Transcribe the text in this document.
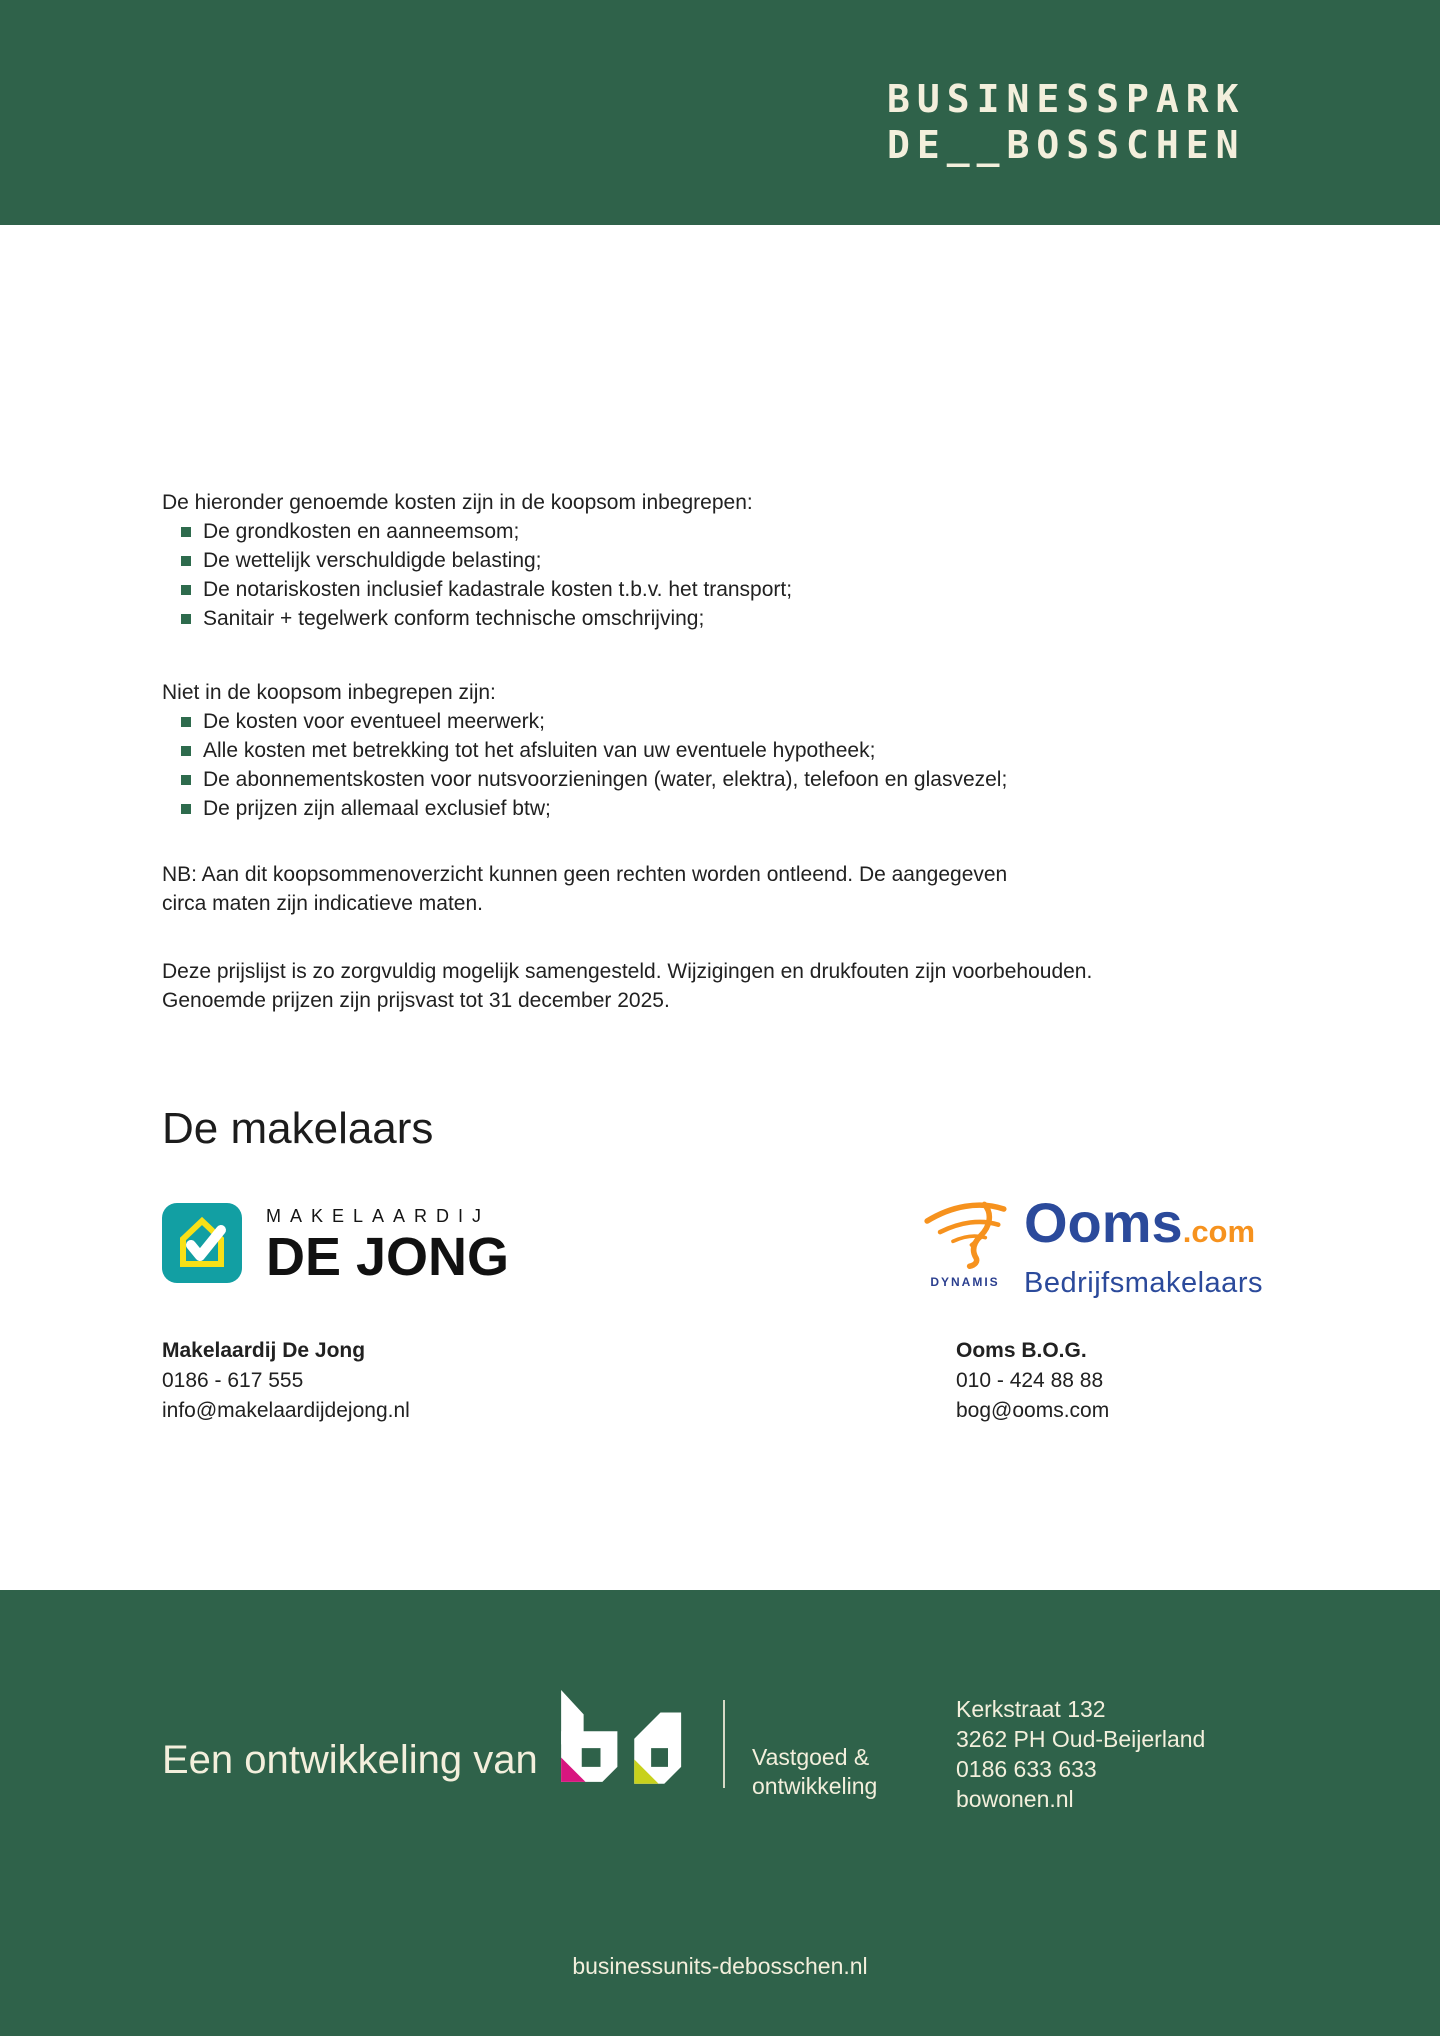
BUSINESSPARK
DE__BOSSCHEN
De hieronder genoemde kosten zijn in de koopsom inbegrepen:
De grondkosten en aanneemsom;
De wettelijk verschuldigde belasting;
De notariskosten inclusief kadastrale kosten t.b.v. het transport;
Sanitair + tegelwerk conform technische omschrijving;
Niet in de koopsom inbegrepen zijn:
De kosten voor eventueel meerwerk;
Alle kosten met betrekking tot het afsluiten van uw eventuele hypotheek;
De abonnementskosten voor nutsvoorzieningen (water, elektra), telefoon en glasvezel;
De prijzen zijn allemaal exclusief btw;
NB: Aan dit koopsommenoverzicht kunnen geen rechten worden ontleend. De aangegeven
circa maten zijn indicatieve maten.
Deze prijslijst is zo zorgvuldig mogelijk samengesteld. Wijzigingen en drukfouten zijn voorbehouden.
Genoemde prijzen zijn prijsvast tot 31 december 2025.
De makelaars
MAKELAARDIJ
DE JONG	DYNAMIS
Ooms.com
Bedrijfsmakelaars
Makelaardij De Jong
0186 - 617 555
info@makelaardijdejong.nl
Ooms B.O.G.
010 - 424 88 88
bog@ooms.com
Een ontwikkeling van	Vastgoed &
ontwikkeling
Kerkstraat 132
3262 PH Oud-Beijerland
0186 633 633
bowonen.nl
businessunits-debosschen.nl
